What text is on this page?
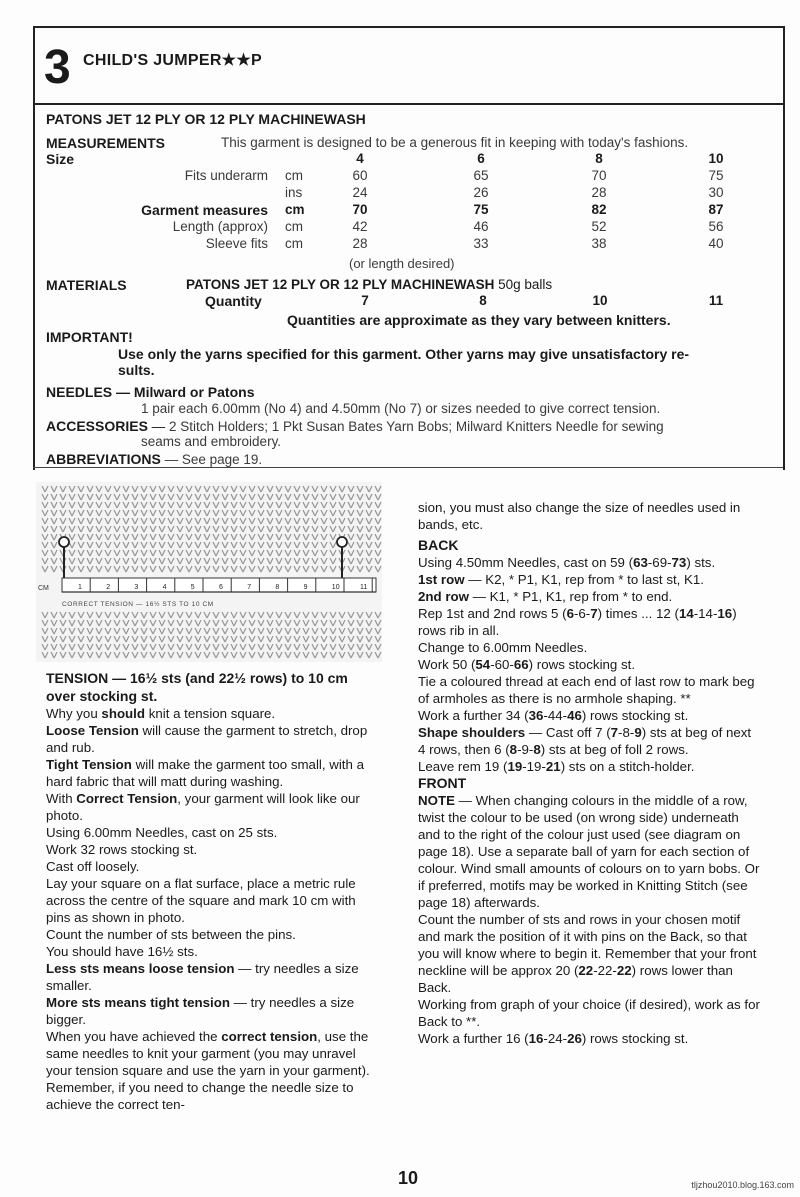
3 CHILD'S JUMPER★★P
PATONS JET 12 PLY OR 12 PLY MACHINEWASH
MEASUREMENTS	This garment is designed to be a generous fit in keeping with today's fashions.
Size	4	6	8	10
Fits underarm cm	60	65	70	75
ins	24	26	28	30
Garment measures cm	70	75	82	87
Length (approx) cm	42	46	52	56
Sleeve fits cm	28	33	38	40
(or length desired)
MATERIALS	PATONS JET 12 PLY OR 12 PLY MACHINEWASH 50g balls
Quantity	7	8	10	11
Quantities are approximate as they vary between knitters.
IMPORTANT!
Use only the yarns specified for this garment. Other yarns may give unsatisfactory re-
sults.
NEEDLES — Milward or Patons
1 pair each 6.00mm (No 4) and 4.50mm (No 7) or sizes needed to give correct tension.
ACCESSORIES — 2 Stitch Holders; 1 Pkt Susan Bates Yarn Bobs; Milward Knitters Needle for sewing
seams and embroidery.
ABBREVIATIONS — See page 19.
1	2	3	4	5	6	7	8	9	10	11
CM
CORRECT TENSION — 16½ STS TO 10 CM

TENSION — 16½ sts (and 22½ rows) to 10 cm

over stocking st.

Why you should knit a tension square.

Loose Tension will cause the garment to stretch, drop and rub.

Tight Tension will make the garment too small, with a hard fabric that will matt during washing.

With Correct Tension, your garment will look like our photo.

Using 6.00mm Needles, cast on 25 sts.

Work 32 rows stocking st.

Cast off loosely.

Lay your square on a flat surface, place a metric rule across the centre of the square and mark 10 cm with pins as shown in photo.

Count the number of sts between the pins.

You should have 16½ sts.

Less sts means loose tension — try needles a size smaller.

More sts means tight tension — try needles a size bigger.

When you have achieved the correct tension, use the same needles to knit your garment (you may unravel your tension square and use the yarn in your garment). Remember, if you need to change the needle size to achieve the correct ten-

sion, you must also change the size of needles used in bands, etc.

BACK

Using 4.50mm Needles, cast on 59 (63-69-73) sts.

1st row — K2, * P1, K1, rep from * to last st, K1.

2nd row — K1, * P1, K1, rep from * to end.

Rep 1st and 2nd rows 5 (6-6-7) times ... 12 (14-14-16) rows rib in all.

Change to 6.00mm Needles.

Work 50 (54-60-66) rows stocking st.

Tie a coloured thread at each end of last row to mark beg of armholes as there is no armhole shaping. **

Work a further 34 (36-44-46) rows stocking st.

Shape shoulders — Cast off 7 (7-8-9) sts at beg of next 4 rows, then 6 (8-9-8) sts at beg of foll 2 rows.

Leave rem 19 (19-19-21) sts on a stitch-holder.

FRONT

NOTE — When changing colours in the middle of a row, twist the colour to be used (on wrong side) underneath and to the right of the colour just used (see diagram on page 18). Use a separate ball of yarn for each section of colour. Wind small amounts of colours on to yarn bobs. Or if preferred, motifs may be worked in Knitting Stitch (see page 18) afterwards.

Count the number of sts and rows in your chosen motif and mark the position of it with pins on the Back, so that you will know where to begin it. Remember that your front neckline will be approx 20 (22-22-22) rows lower than Back.

Working from graph of your choice (if desired), work as for Back to **.

Work a further 16 (16-24-26) rows stocking st.

10	tljzhou2010.blog.163.com
